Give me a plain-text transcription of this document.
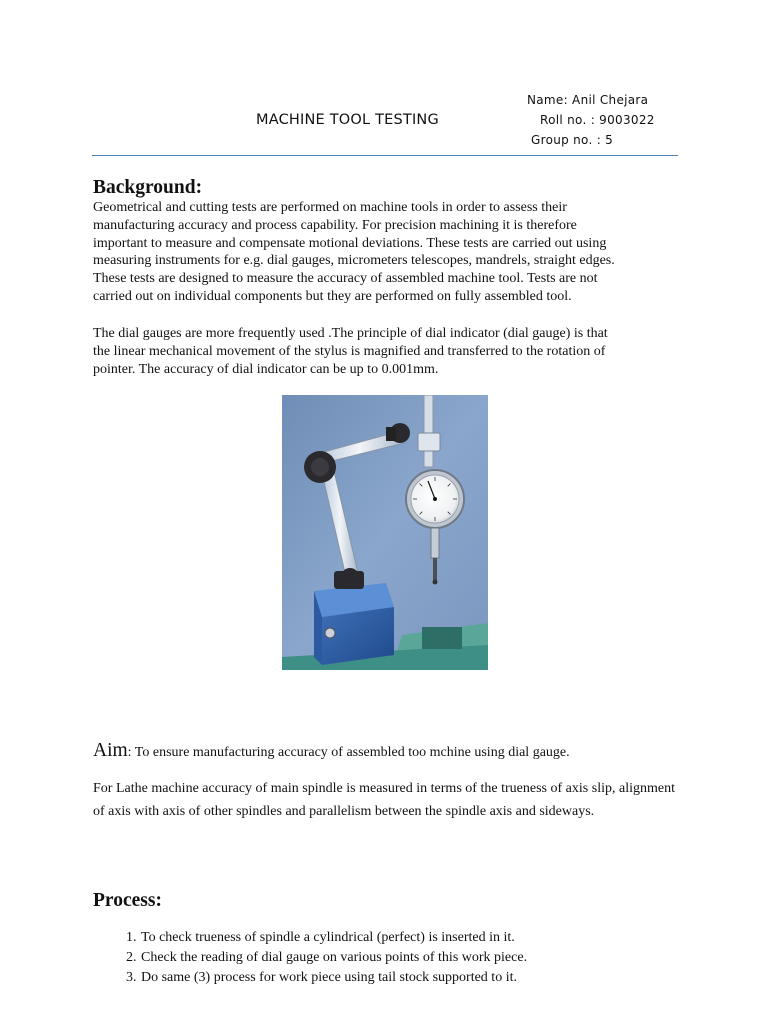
MACHINE TOOL TESTING
Name: Anil Chejara
Roll no. : 9003022
Group no. : 5
Background:
Geometrical and cutting tests are performed on machine tools in order to assess their
manufacturing accuracy and process capability. For precision machining it is therefore
important to measure and compensate motional deviations. These tests are carried out using
measuring instruments for e.g. dial gauges, micrometers telescopes, mandrels, straight edges.
These tests are designed to measure the accuracy of assembled machine tool. Tests are not
carried out on individual components but they are performed on fully assembled tool.
The dial gauges are more frequently used .The principle of dial indicator (dial gauge) is that
the linear mechanical movement of the stylus is magnified and transferred to the rotation of
pointer. The accuracy of dial indicator can be up to 0.001mm.
Aim: To ensure manufacturing accuracy of assembled too mchine using dial gauge.
For Lathe machine accuracy of main spindle is measured in terms of the trueness of axis slip, alignment of axis with axis of other spindles and parallelism between the spindle axis and sideways.
Process:
1. To check trueness of spindle a cylindrical (perfect) is inserted in it.
2. Check the reading of dial gauge on various points of this work piece.
3. Do same (3) process for work piece using tail stock supported to it.
